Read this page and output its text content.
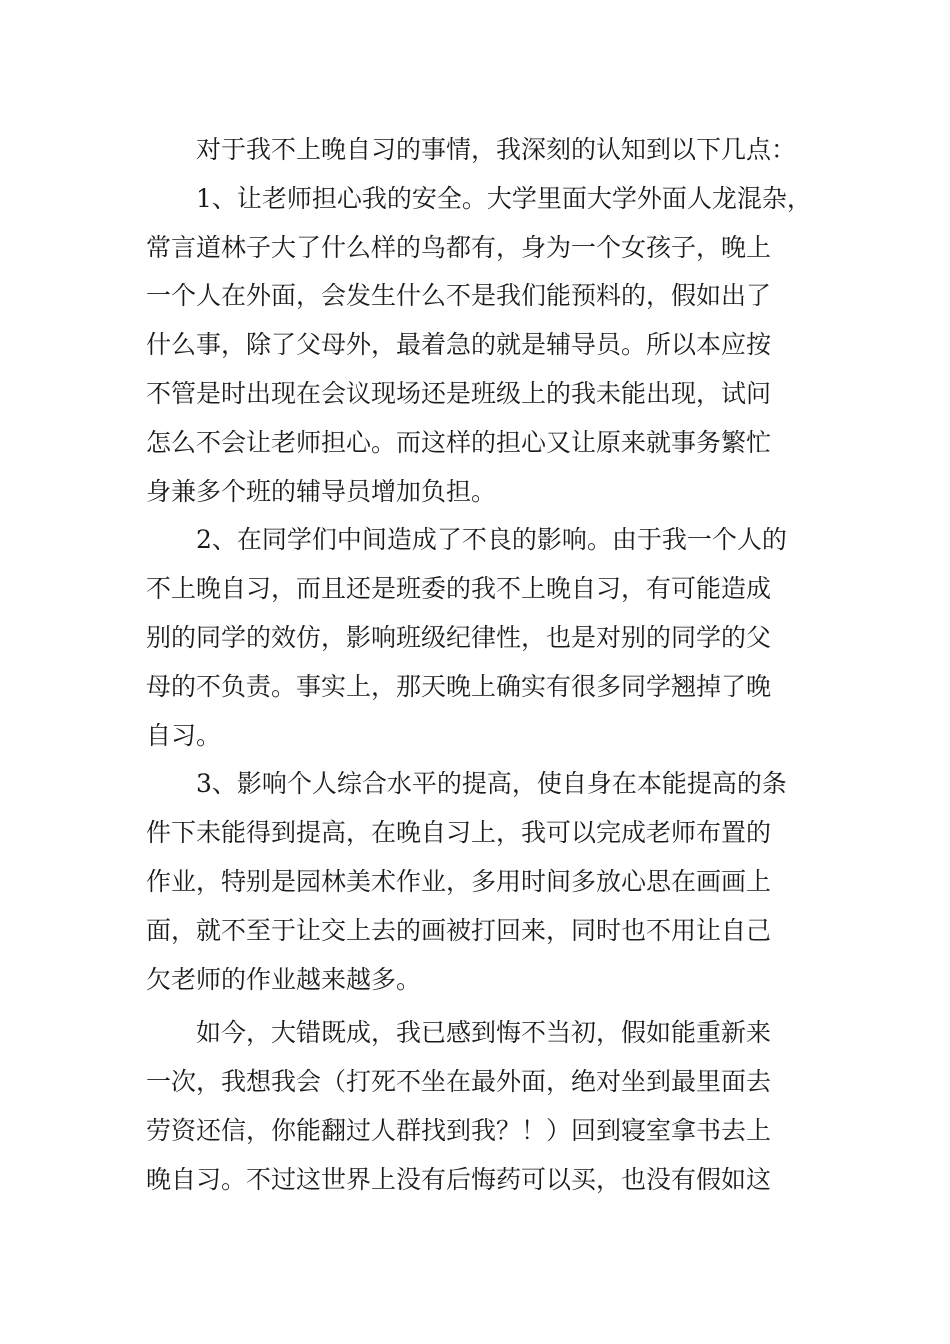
对于我不上晚自习的事情，我深刻的认知到以下几点：
1、让老师担心我的安全。大学里面大学外面人龙混杂，
常言道林子大了什么样的鸟都有，身为一个女孩子，晚上
一个人在外面，会发生什么不是我们能预料的，假如出了
什么事，除了父母外，最着急的就是辅导员。所以本应按
不管是时出现在会议现场还是班级上的我未能出现，试问
怎么不会让老师担心。而这样的担心又让原来就事务繁忙
身兼多个班的辅导员增加负担。
2、在同学们中间造成了不良的影响。由于我一个人的
不上晚自习，而且还是班委的我不上晚自习，有可能造成
别的同学的效仿，影响班级纪律性，也是对别的同学的父
母的不负责。事实上，那天晚上确实有很多同学翘掉了晚
自习。
3、影响个人综合水平的提高，使自身在本能提高的条
件下未能得到提高，在晚自习上，我可以完成老师布置的
作业，特别是园林美术作业，多用时间多放心思在画画上
面，就不至于让交上去的画被打回来，同时也不用让自己
欠老师的作业越来越多。
如今，大错既成，我已感到悔不当初，假如能重新来
一次，我想我会（打死不坐在最外面，绝对坐到最里面去
劳资还信，你能翻过人群找到我？！）回到寝室拿书去上
晚自习。不过这世界上没有后悔药可以买，也没有假如这
